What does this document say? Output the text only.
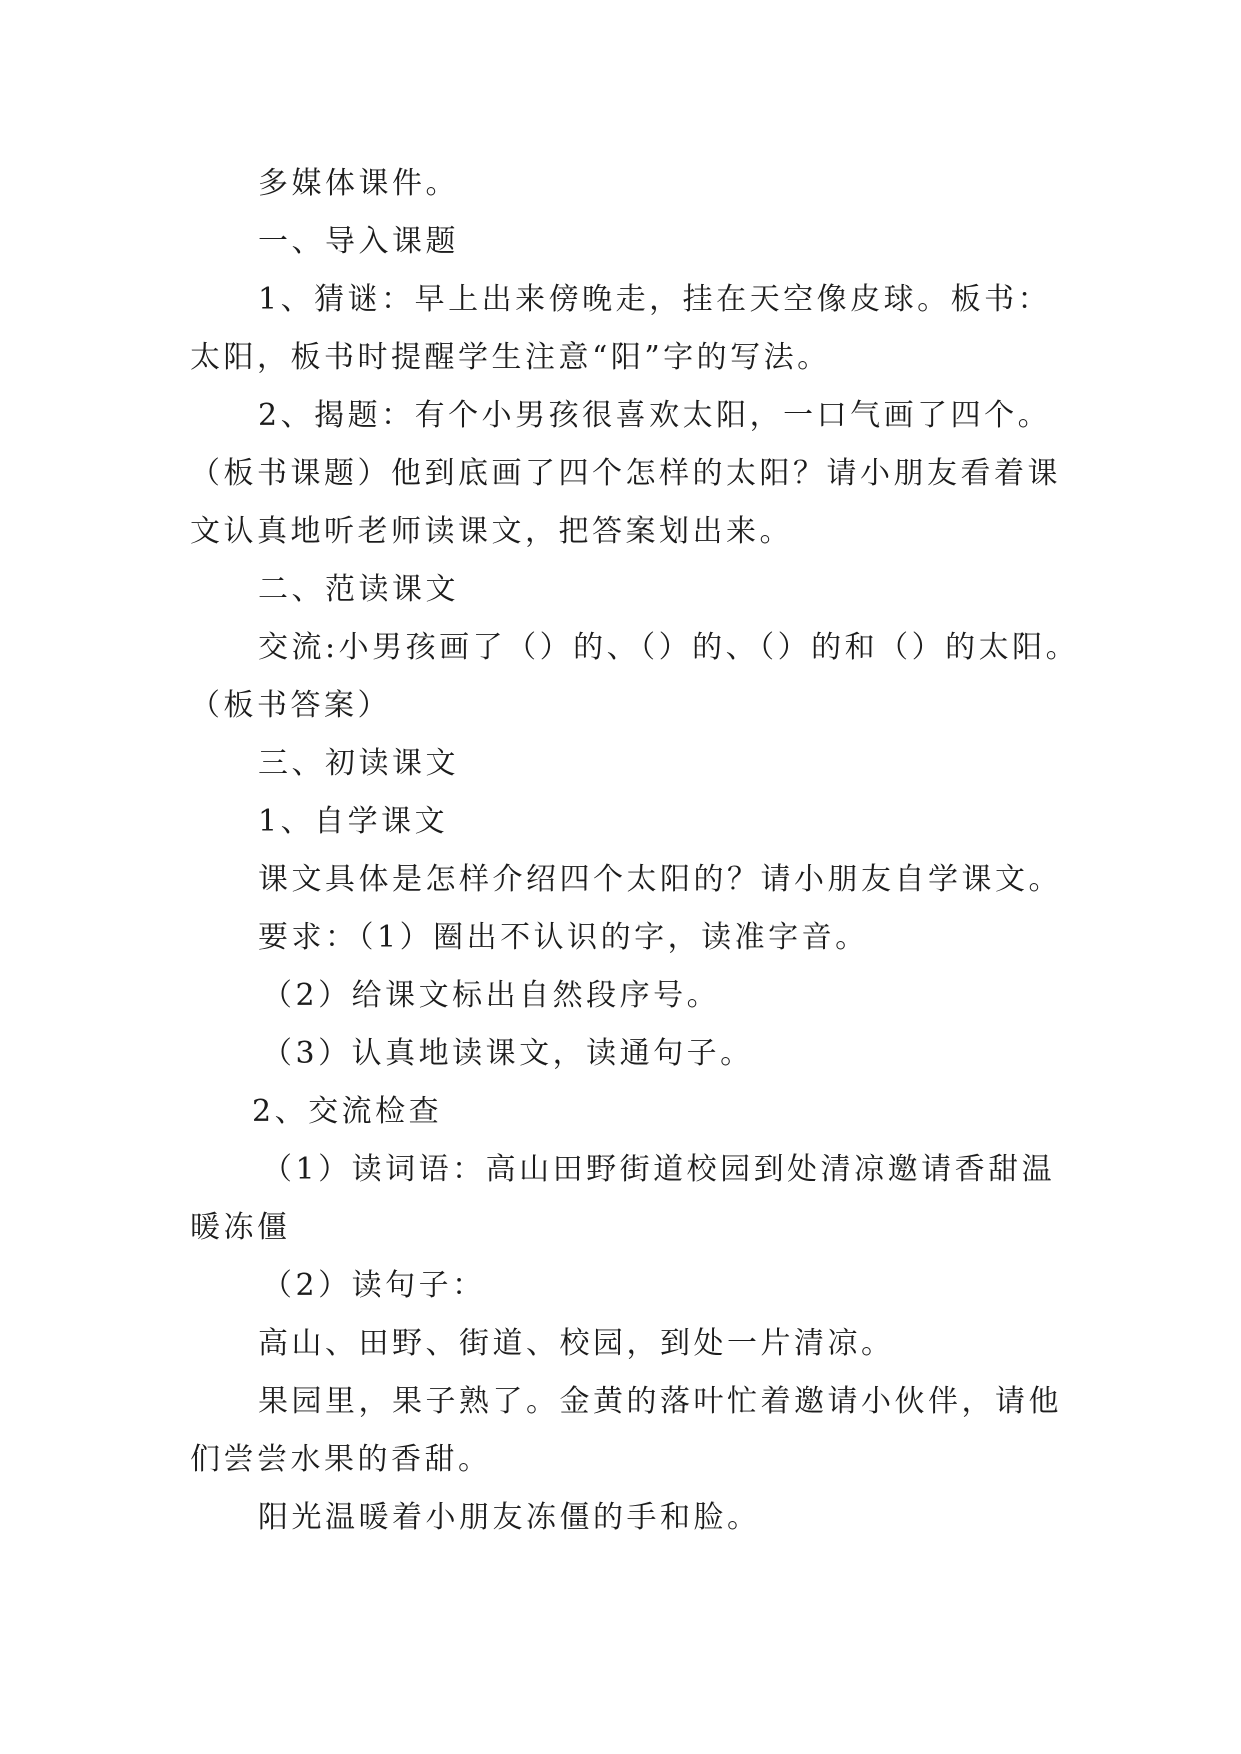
多媒体课件。

一、导入课题

1、猜谜：早上出来傍晚走，挂在天空像皮球。板书：

太阳，板书时提醒学生注意“阳”字的写法。

2、揭题：有个小男孩很喜欢太阳，一口气画了四个。

（板书课题）他到底画了四个怎样的太阳？请小朋友看着课

文认真地听老师读课文，把答案划出来。

二、范读课文

交流:小男孩画了（）的、（）的、（）的和（）的太阳。

（板书答案）

三、初读课文

1、自学课文

课文具体是怎样介绍四个太阳的？请小朋友自学课文。

要求：（1）圈出不认识的字，读准字音。

（2）给课文标出自然段序号。

（3）认真地读课文，读通句子。

2、交流检查

（1）读词语：高山田野街道校园到处清凉邀请香甜温

暖冻僵

（2）读句子：

高山、田野、街道、校园，到处一片清凉。

果园里，果子熟了。金黄的落叶忙着邀请小伙伴，请他

们尝尝水果的香甜。

阳光温暖着小朋友冻僵的手和脸。
